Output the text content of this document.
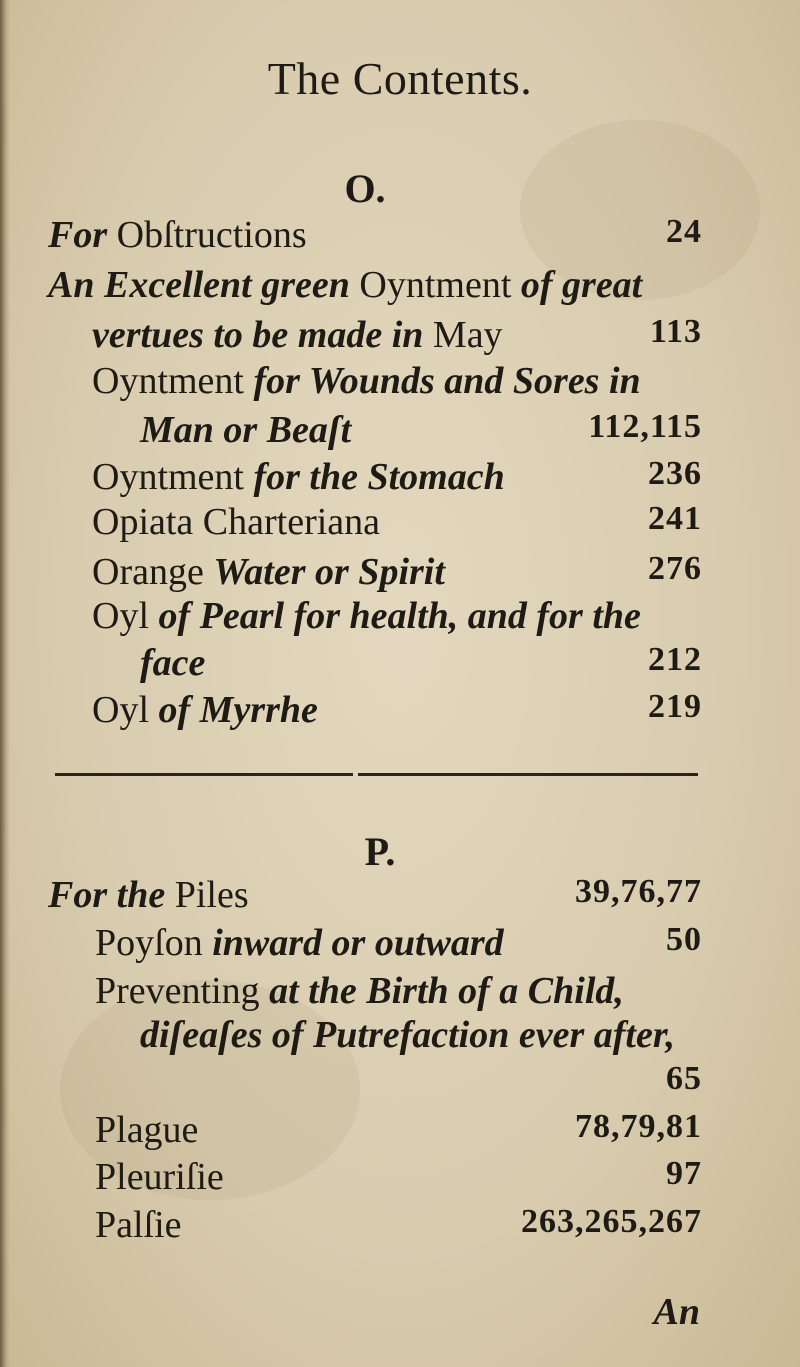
The Contents.
O.
For Obſtructions	24
An Excellent green Oyntment of great
vertues to be made in May	113
Oyntment for Wounds and Sores in
Man or Beaſt	112,115
Oyntment for the Stomach	236
Opiata Charteriana	241
Orange Water or Spirit	276
Oyl of Pearl for health, and for the
face	212
Oyl of Myrrhe	219
P.
For the Piles	39,76,77
Poyſon inward or outward	50
Preventing at the Birth of a Child,
diſeaſes of Putrefaction ever after,
65
Plague	78,79,81
Pleuriſie	97
Palſie	263,265,267
An
